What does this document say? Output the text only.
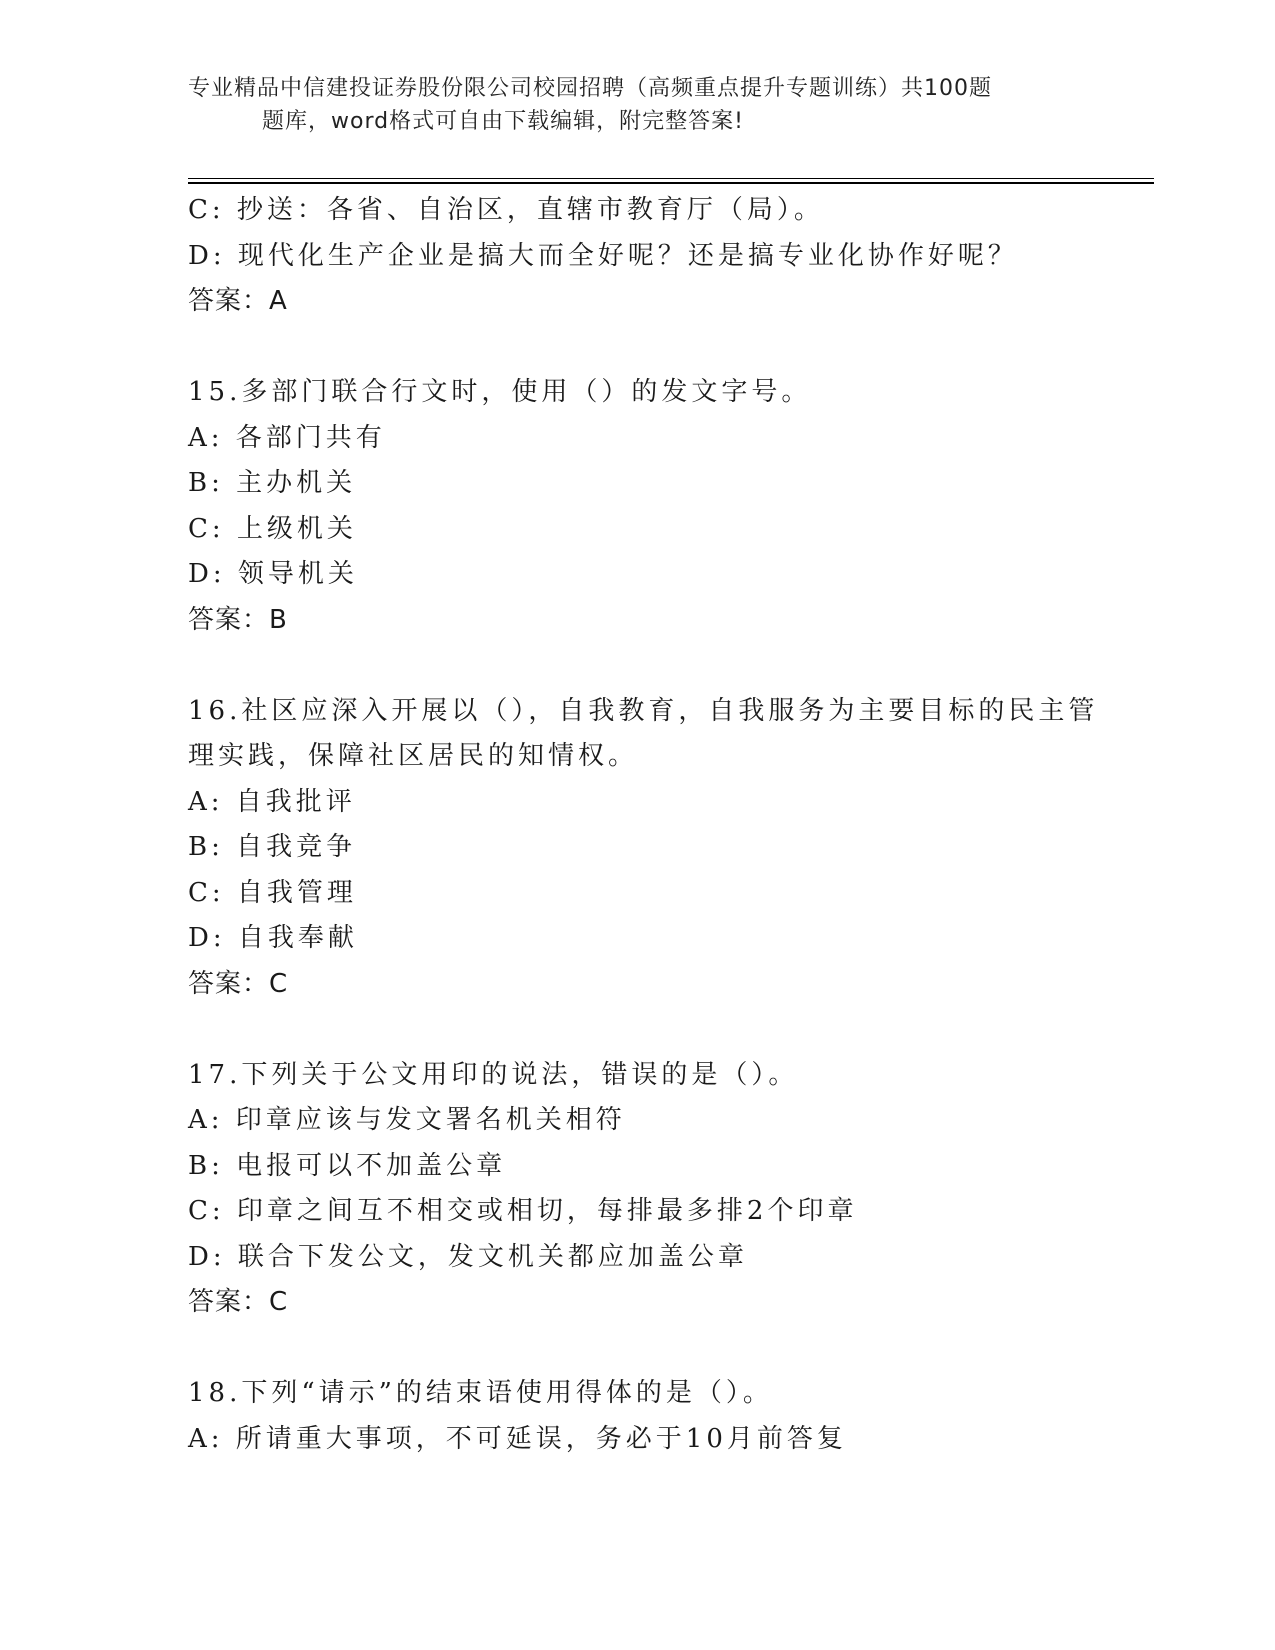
专业精品中信建投证券股份限公司校园招聘（高频重点提升专题训练）共100题
题库，word格式可自由下载编辑，附完整答案!
C: 抄送：各省、自治区，直辖市教育厅（局）。
D: 现代化生产企业是搞大而全好呢？还是搞专业化协作好呢？
答案：A
15.多部门联合行文时，使用（）的发文字号。
A: 各部门共有
B: 主办机关
C: 上级机关
D: 领导机关
答案：B
16.社区应深入开展以（），自我教育，自我服务为主要目标的民主管
理实践，保障社区居民的知情权。
A: 自我批评
B: 自我竞争
C: 自我管理
D: 自我奉献
答案：C
17.下列关于公文用印的说法，错误的是（）。
A: 印章应该与发文署名机关相符
B: 电报可以不加盖公章
C: 印章之间互不相交或相切，每排最多排2个印章
D: 联合下发公文，发文机关都应加盖公章
答案：C
18.下列“请示”的结束语使用得体的是（）。
A: 所请重大事项，不可延误，务必于10月前答复
